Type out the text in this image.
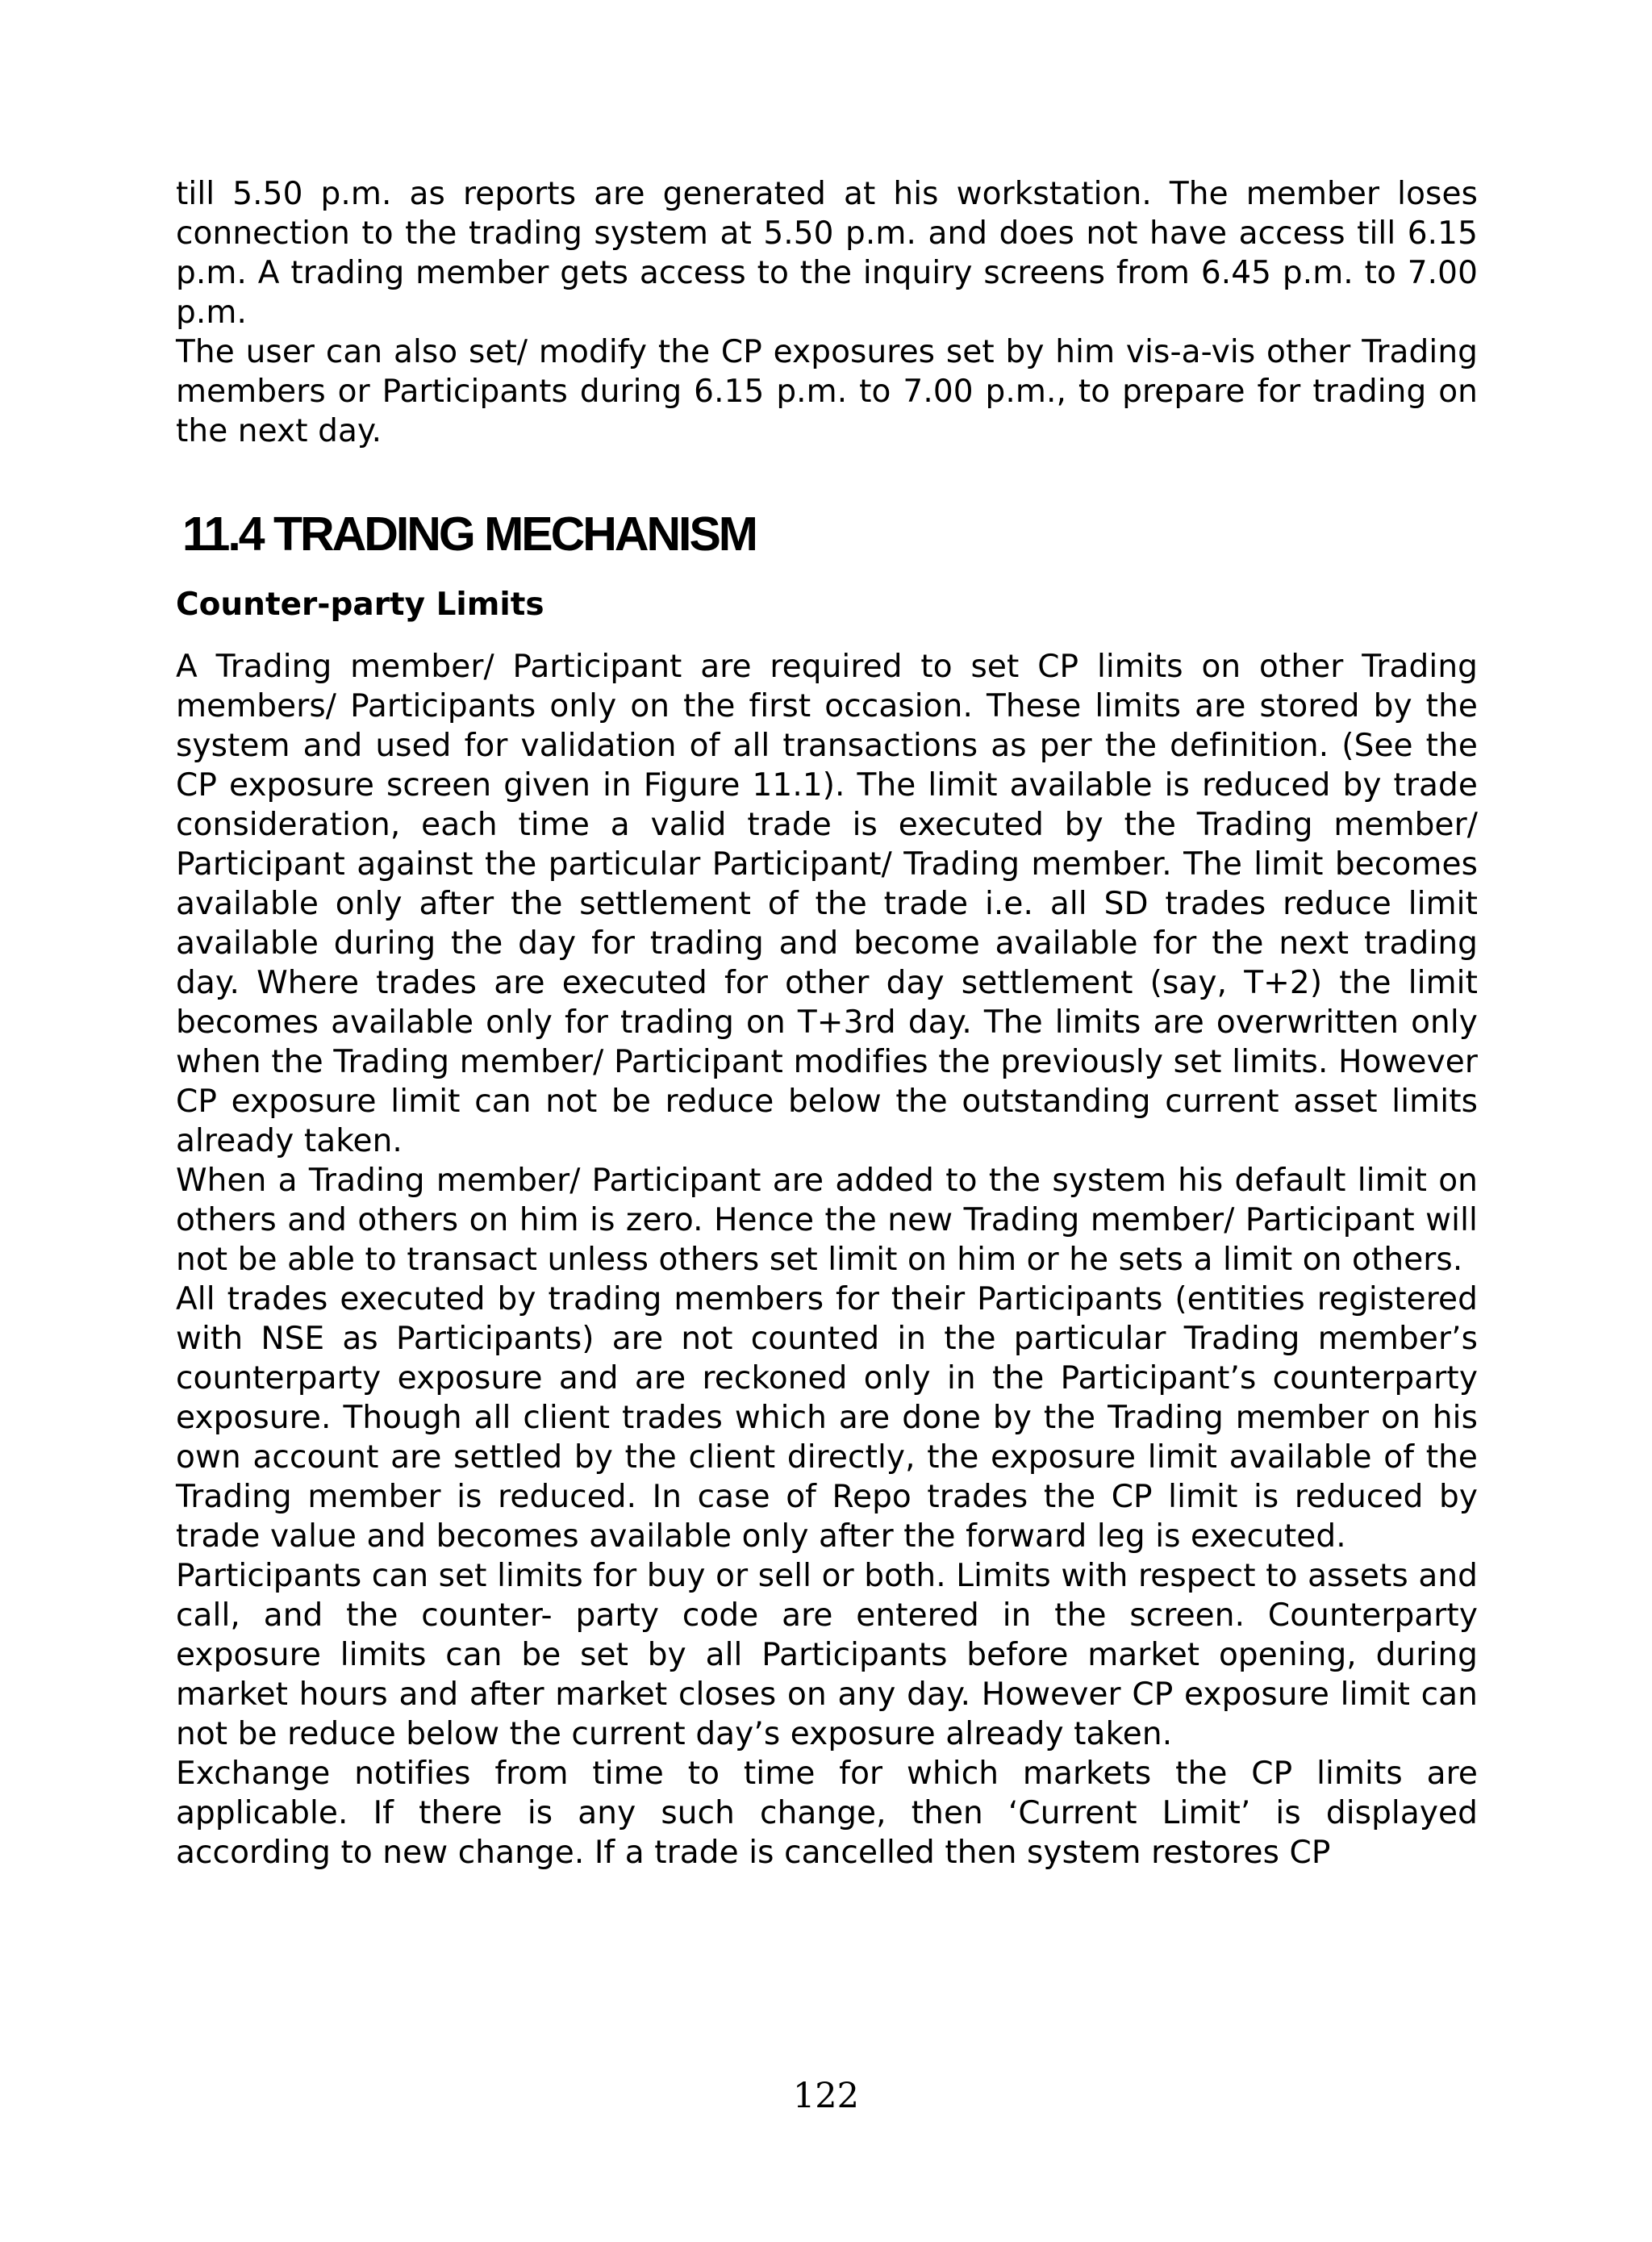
till 5.50 p.m. as reports are generated at his workstation. The member loses connection to the trading system at 5.50 p.m. and does not have access till 6.15 p.m. A trading member gets access to the inquiry screens from 6.45 p.m. to 7.00 p.m.

The user can also set/ modify the CP exposures set by him vis-a-vis other Trading members or Participants during 6.15 p.m. to 7.00 p.m., to prepare for trading on the next day.

11.4 TRADING MECHANISM
Counter-party Limits

A Trading member/ Participant are required to set CP limits on other Trading members/ Participants only on the first occasion. These limits are stored by the system and used for validation of all transactions as per the definition. (See the CP exposure screen given in Figure 11.1). The limit available is reduced by trade consideration, each time a valid trade is executed by the Trading member/ Participant against the particular Participant/ Trading member. The limit becomes available only after the settlement of the trade i.e. all SD trades reduce limit available during the day for trading and become available for the next trading day. Where trades are executed for other day settlement (say, T+2) the limit becomes available only for trading on T+3rd day. The limits are overwritten only when the Trading member/ Participant modifies the previously set limits. However CP exposure limit can not be reduce below the outstanding current asset limits already taken.

When a Trading member/ Participant are added to the system his default limit on others and others on him is zero. Hence the new Trading member/ Participant will not be able to transact unless others set limit on him or he sets a limit on others.

All trades executed by trading members for their Participants (entities registered with NSE as Participants) are not counted in the particular Trading member’s counterparty exposure and are reckoned only in the Participant’s counterparty exposure. Though all client trades which are done by the Trading member on his own account are settled by the client directly, the exposure limit available of the Trading member is reduced. In case of Repo trades the CP limit is reduced by trade value and becomes available only after the forward leg is executed.

Participants can set limits for buy or sell or both. Limits with respect to assets and call, and the counter- party code are entered in the screen. Counterparty exposure limits can be set by all Participants before market opening, during market hours and after market closes on any day. However CP exposure limit can not be reduce below the current day’s exposure already taken.

Exchange notifies from time to time for which markets the CP limits are applicable. If there is any such change, then ‘Current Limit’ is displayed according to new change. If a trade is cancelled then system restores CP

122
